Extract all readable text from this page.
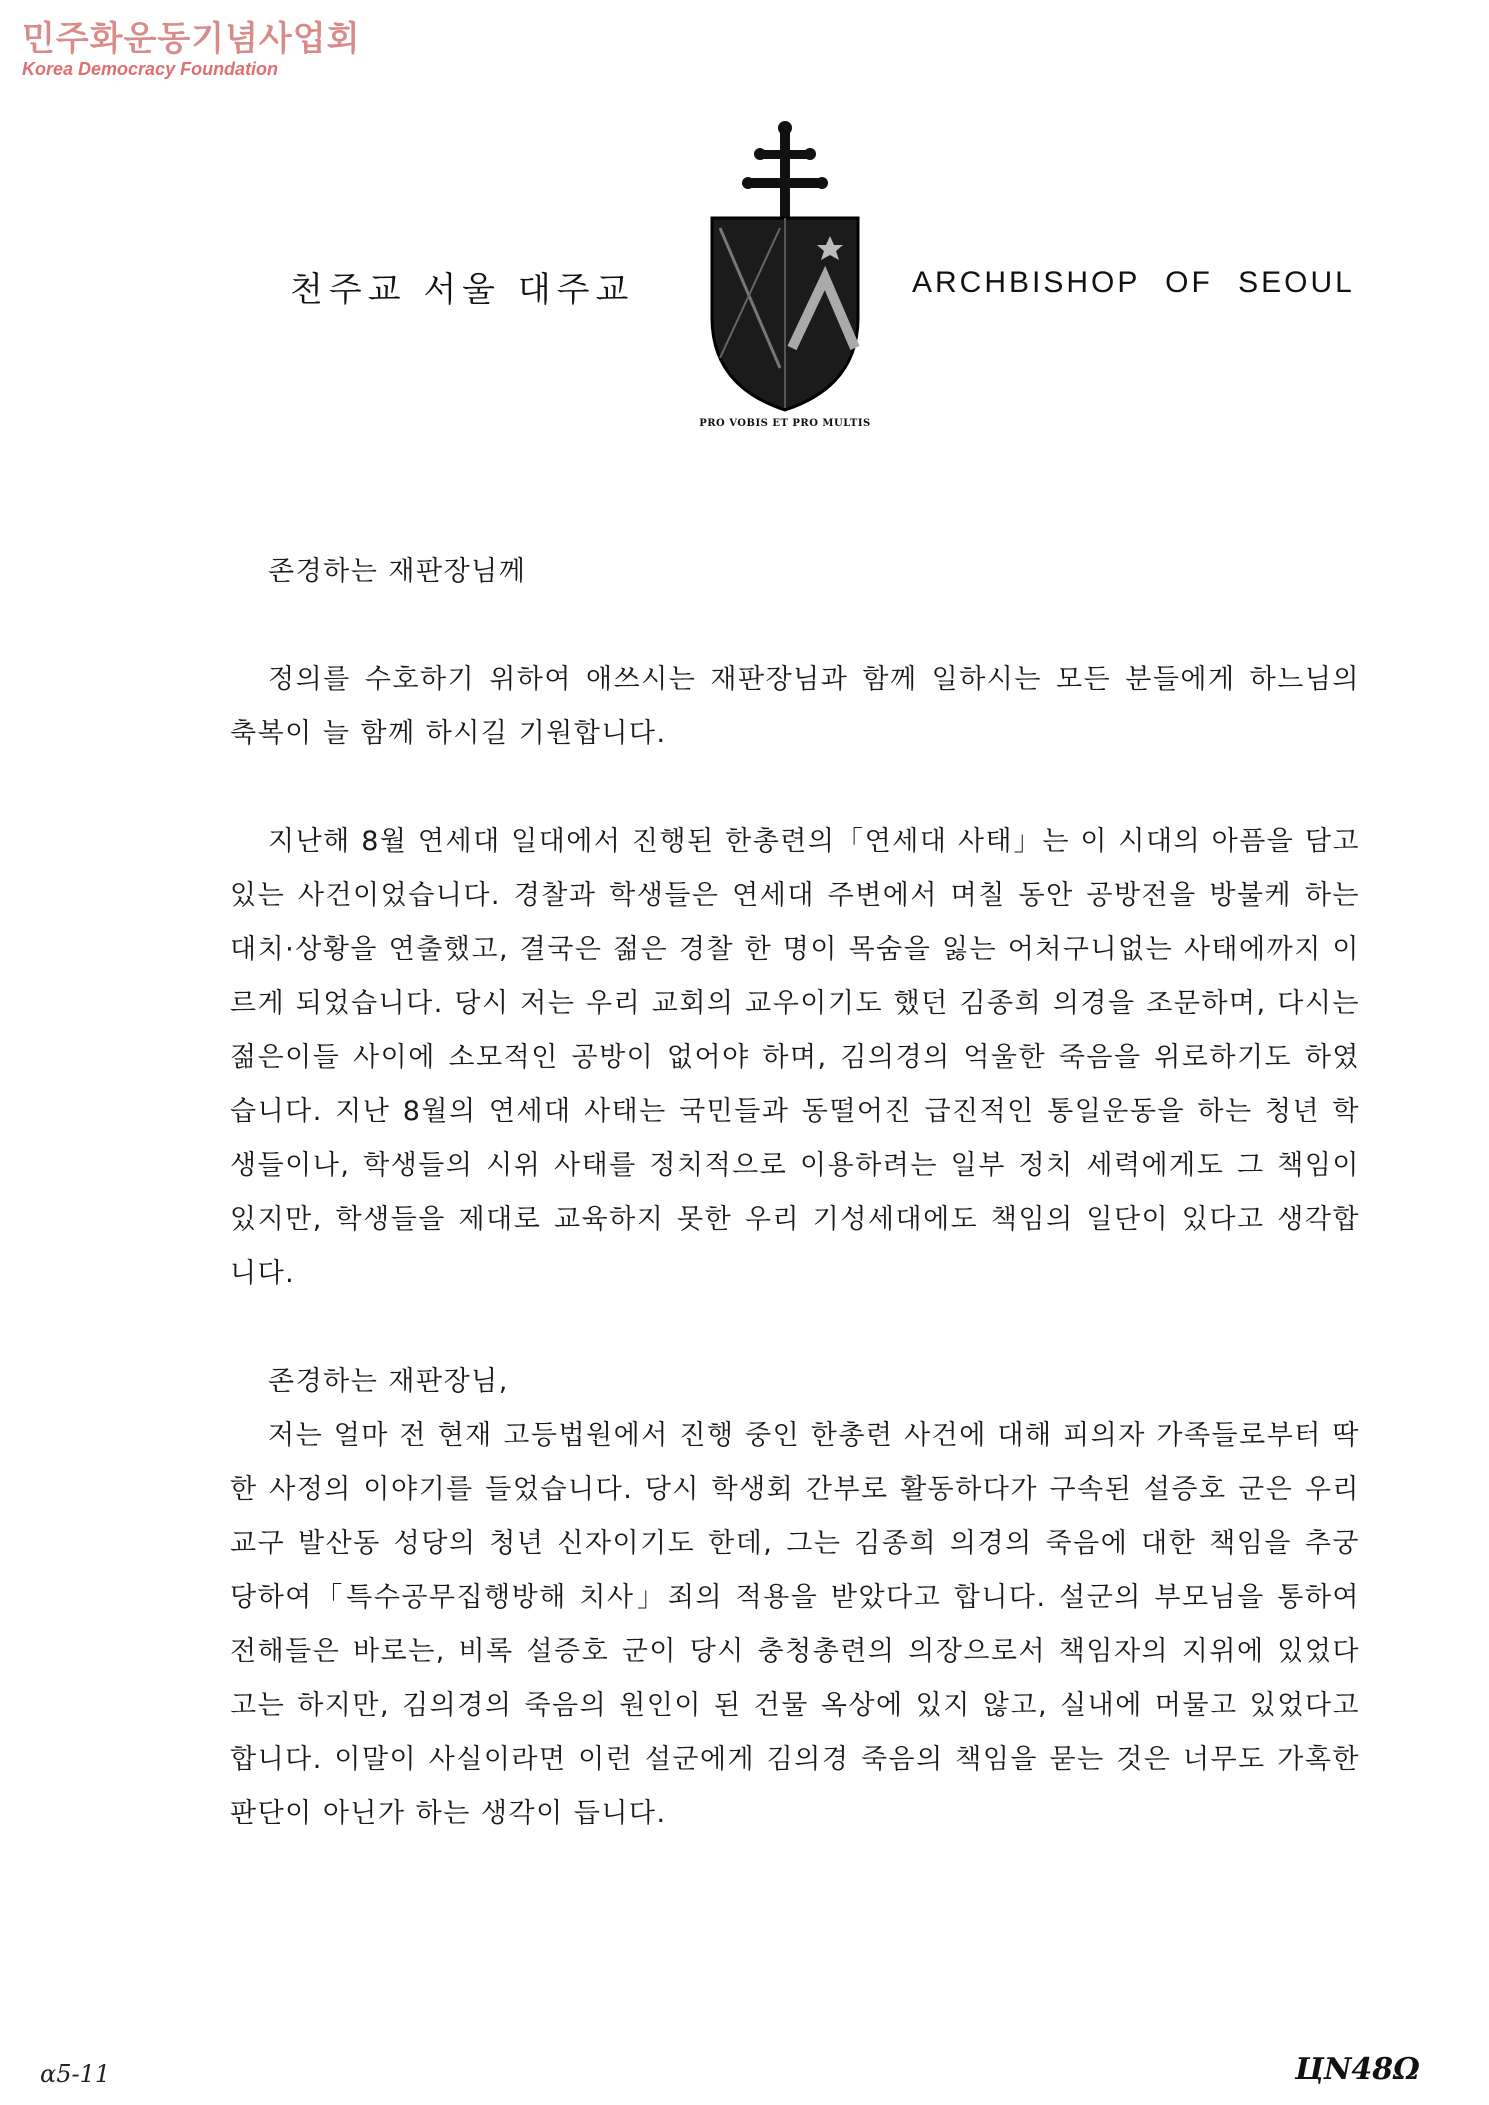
민주화운동기념사업회
Korea Democracy Foundation
천주교 서울 대주교
PRO VOBIS ET PRO MULTIS
ARCHBISHOP OF SEOUL

존경하는 재판장님께

정의를 수호하기 위하여 애쓰시는 재판장님과 함께 일하시는 모든 분들에게 하느님의 축복이 늘 함께 하시길 기원합니다.

지난해 8월 연세대 일대에서 진행된 한총련의「연세대 사태」는 이 시대의 아픔을 담고 있는 사건이었습니다. 경찰과 학생들은 연세대 주변에서 며칠 동안 공방전을 방불케 하는 대치·상황을 연출했고, 결국은 젊은 경찰 한 명이 목숨을 잃는 어처구니없는 사태에까지 이르게 되었습니다. 당시 저는 우리 교회의 교우이기도 했던 김종희 의경을 조문하며, 다시는 젊은이들 사이에 소모적인 공방이 없어야 하며, 김의경의 억울한 죽음을 위로하기도 하였습니다. 지난 8월의 연세대 사태는 국민들과 동떨어진 급진적인 통일운동을 하는 청년 학생들이나, 학생들의 시위 사태를 정치적으로 이용하려는 일부 정치 세력에게도 그 책임이 있지만, 학생들을 제대로 교육하지 못한 우리 기성세대에도 책임의 일단이 있다고 생각합니다.

존경하는 재판장님,

저는 얼마 전 현재 고등법원에서 진행 중인 한총련 사건에 대해 피의자 가족들로부터 딱한 사정의 이야기를 들었습니다. 당시 학생회 간부로 활동하다가 구속된 설증호 군은 우리 교구 발산동 성당의 청년 신자이기도 한데, 그는 김종희 의경의 죽음에 대한 책임을 추궁 당하여「특수공무집행방해 치사」죄의 적용을 받았다고 합니다. 설군의 부모님을 통하여 전해들은 바로는, 비록 설증호 군이 당시 충청총련의 의장으로서 책임자의 지위에 있었다고는 하지만, 김의경의 죽음의 원인이 된 건물 옥상에 있지 않고, 실내에 머물고 있었다고 합니다. 이말이 사실이라면 이런 설군에게 김의경 죽음의 책임을 묻는 것은 너무도 가혹한 판단이 아닌가 하는 생각이 듭니다.

α5-11	ЦN48Ω
